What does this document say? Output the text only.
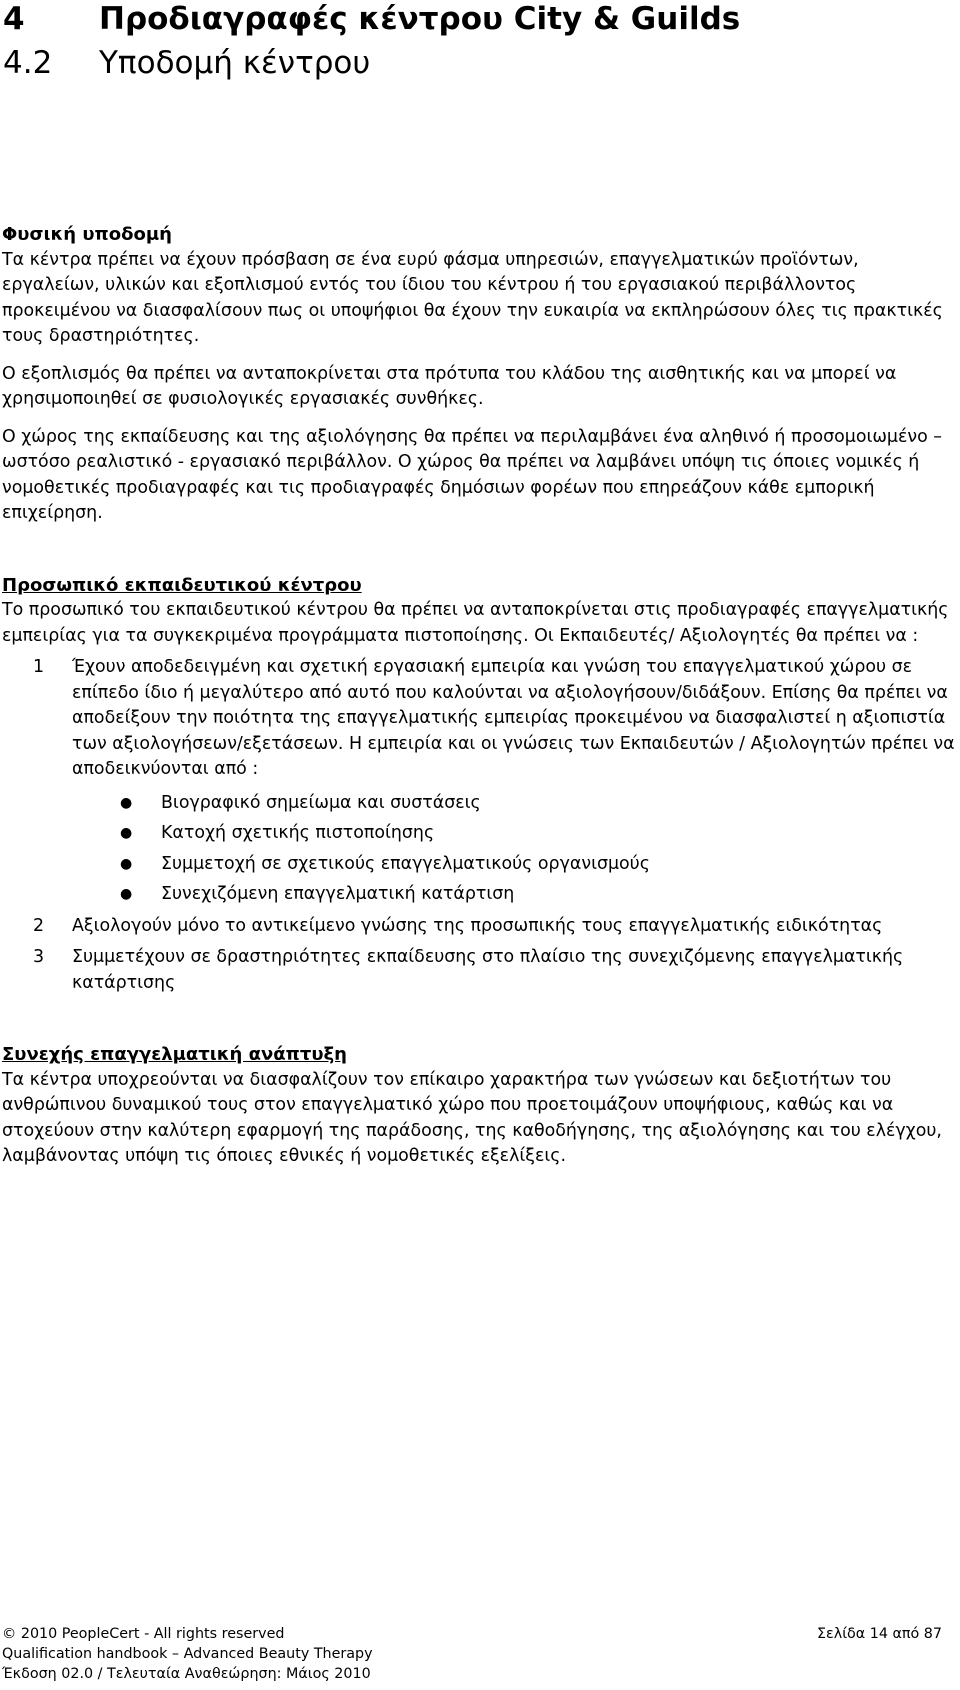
4 Προδιαγραφές κέντρου City & Guilds
4.2 Υποδομή κέντρου

Φυσική υποδομή

Τα κέντρα πρέπει να έχουν πρόσβαση σε ένα ευρύ φάσμα υπηρεσιών, επαγγελματικών προϊόντων, εργαλείων, υλικών και εξοπλισμού εντός του ίδιου του κέντρου ή του εργασιακού περιβάλλοντος προκειμένου να διασφαλίσουν πως οι υποψήφιοι θα έχουν την ευκαιρία να εκπληρώσουν όλες τις πρακτικές τους δραστηριότητες.

Ο εξοπλισμός θα πρέπει να ανταποκρίνεται στα πρότυπα του κλάδου της αισθητικής και να μπορεί να χρησιμοποιηθεί σε φυσιολογικές εργασιακές συνθήκες.

Ο χώρος της εκπαίδευσης και της αξιολόγησης θα πρέπει να περιλαμβάνει ένα αληθινό ή προσομοιωμένο – ωστόσο ρεαλιστικό - εργασιακό περιβάλλον. Ο χώρος θα πρέπει να λαμβάνει υπόψη τις όποιες νομικές ή νομοθετικές προδιαγραφές και τις προδιαγραφές δημόσιων φορέων που επηρεάζουν κάθε εμπορική επιχείρηση.

Προσωπικό εκπαιδευτικού κέντρου

Το προσωπικό του εκπαιδευτικού κέντρου θα πρέπει να ανταποκρίνεται στις προδιαγραφές επαγγελματικής εμπειρίας για τα συγκεκριμένα προγράμματα πιστοποίησης. Οι Εκπαιδευτές/ Αξιολογητές θα πρέπει να :

1 Έχουν αποδεδειγμένη και σχετική εργασιακή εμπειρία και γνώση του επαγγελματικού χώρου σε επίπεδο ίδιο ή μεγαλύτερο από αυτό που καλούνται να αξιολογήσουν/διδάξουν. Επίσης θα πρέπει να αποδείξουν την ποιότητα της επαγγελματικής εμπειρίας προκειμένου να διασφαλιστεί η αξιοπιστία των αξιολογήσεων/εξετάσεων. Η εμπειρία και οι γνώσεις των Εκπαιδευτών / Αξιολογητών πρέπει να αποδεικνύονται από :
● Βιογραφικό σημείωμα και συστάσεις
● Κατοχή σχετικής πιστοποίησης
● Συμμετοχή σε σχετικούς επαγγελματικούς οργανισμούς
● Συνεχιζόμενη επαγγελματική κατάρτιση
2 Αξιολογούν μόνο το αντικείμενο γνώσης της προσωπικής τους επαγγελματικής ειδικότητας
3 Συμμετέχουν σε δραστηριότητες εκπαίδευσης στο πλαίσιο της συνεχιζόμενης επαγγελματικής κατάρτισης

Συνεχής επαγγελματική ανάπτυξη

Τα κέντρα υποχρεούνται να διασφαλίζουν τον επίκαιρο χαρακτήρα των γνώσεων και δεξιοτήτων του ανθρώπινου δυναμικού τους στον επαγγελματικό χώρο που προετοιμάζουν υποψήφιους, καθώς και να στοχεύουν στην καλύτερη εφαρμογή της παράδοσης, της καθοδήγησης, της αξιολόγησης και του ελέγχου, λαμβάνοντας υπόψη τις όποιες εθνικές ή νομοθετικές εξελίξεις.

© 2010 PeopleCert - All rights reserved	Σελίδα 14 από 87
Qualification handbook – Advanced Beauty Therapy
Έκδοση 02.0 / Τελευταία Αναθεώρηση: Μάιος 2010
